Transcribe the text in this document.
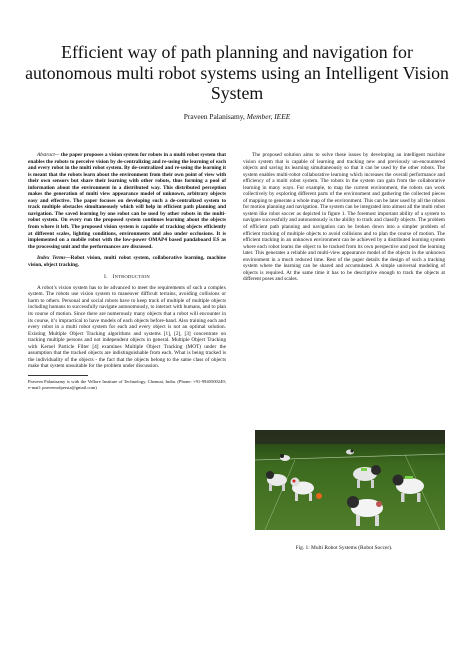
Efficient way of path planning and navigation for autonomous multi robot systems using an Intelligent Vision System
Praveen Palanisamy, Member, IEEE

Abstract— the paper proposes a vision system for robots in a multi robot system that enables the robots to perceive vision by de-centralizing and re-using the learning of each and every robot in the multi robot system. By de-centralized and re-using the learning it is meant that the robots learn about the environment from their own point of view with their own sensors but share their learning with other robots, thus forming a pool of information about the environment in a distributed way. This distributed perception makes the generation of multi view appearance model of unknown, arbitrary objects easy and effective. The paper focuses on developing such a de-centralized system to track multiple obstacles simultaneously which will help in efficient path planning and navigation. The saved learning by one robot can be used by other robots in the multi-robot system. On every run the proposed system continues learning about the objects from where it left. The proposed vision system is capable of tracking objects efficiently at different scales, lighting conditions, environments and also under occlusions. It is implemented on a mobile robot with the low-power OMAP4 based pandaboard ES as the processing unit and the performances are discussed.

Index Terms—Robot vision, multi robot system, collaborative learning, machine vision, object tracking.

I. INTRODUCTION

A robot’s vision system has to be advanced to meet the requirements of such a complex system. The robots use vision system to maneuver difficult terrains, avoiding collisions or harm to others. Personal and social robots have to keep track of multiple of multiple objects including humans to successfully navigate autonomously, to interact with humans, and to plan its course of motion. Since there are numerously many objects that a robot will encounter in its course, it’s impractical to have models of each objects before-hand. Also training each and every robot in a multi robot system for each and every object is not an optimal solution. Existing Multiple Object Tracking algorithms and systems [1], [2], [3] concentrate on tracking multiple persons and not independent objects in general. Multiple Object Tracking with Kernel Particle Filter [4] examines Multiple Object Tracking (MOT) under the assumption that the tracked objects are indistinguishable from each. What is being tracked is the individuality of the objects - the fact that the objects belong to the same class of objects make that system unsuitable for the problem under discussion.

Praveen Palanisamy is with the Vellore Institute of Technology, Chennai, India. (Phone: +91-9940500249; e-mail: praveenofpersia@gmail.com)

The proposed solution aims to solve these issues by developing an intelligent machine vision system that is capable of learning and tracking new and previously un-encountered objects and saving its learning simultaneously so that it can be used by the other robots. The system enables multi-robot collaborative learning which increases the overall performance and efficiency of a multi robot system. The robots in the system can gain from the collaborative learning in many ways. For example, to map the current environment, the robots can work collectively by exploring different parts of the environment and gathering the collected pieces of mapping to generate a whole map of the environment. This can be later used by all the robots for motion planning and navigation. The system can be integrated into almost all the multi robot system like robot soccer as depicted in figure 1. The foremost important ability of a system to navigate successfully and autonomously is the ability to track and classify objects. The problem of efficient path planning and navigation can be broken down into a simpler problem of efficient tracking of multiple objects to avoid collisions and to plan the course of motion. The efficient tracking in an unknown environment can be achieved by a distributed learning system where each robot learns the object to be tracked from its own perspective and pool the learning later. This generates a reliable and multi-view appearance model of the objects in the unknown environment in a much reduced time. Rest of the paper details the design of such a tracking system where the learning can be shared and accumulated. A simple universal modeling of objects is required. At the same time it has to be descriptive enough to track the objects at different poses and scales.

Fig. 1: Multi Robot Systems (Robot Soccer).
